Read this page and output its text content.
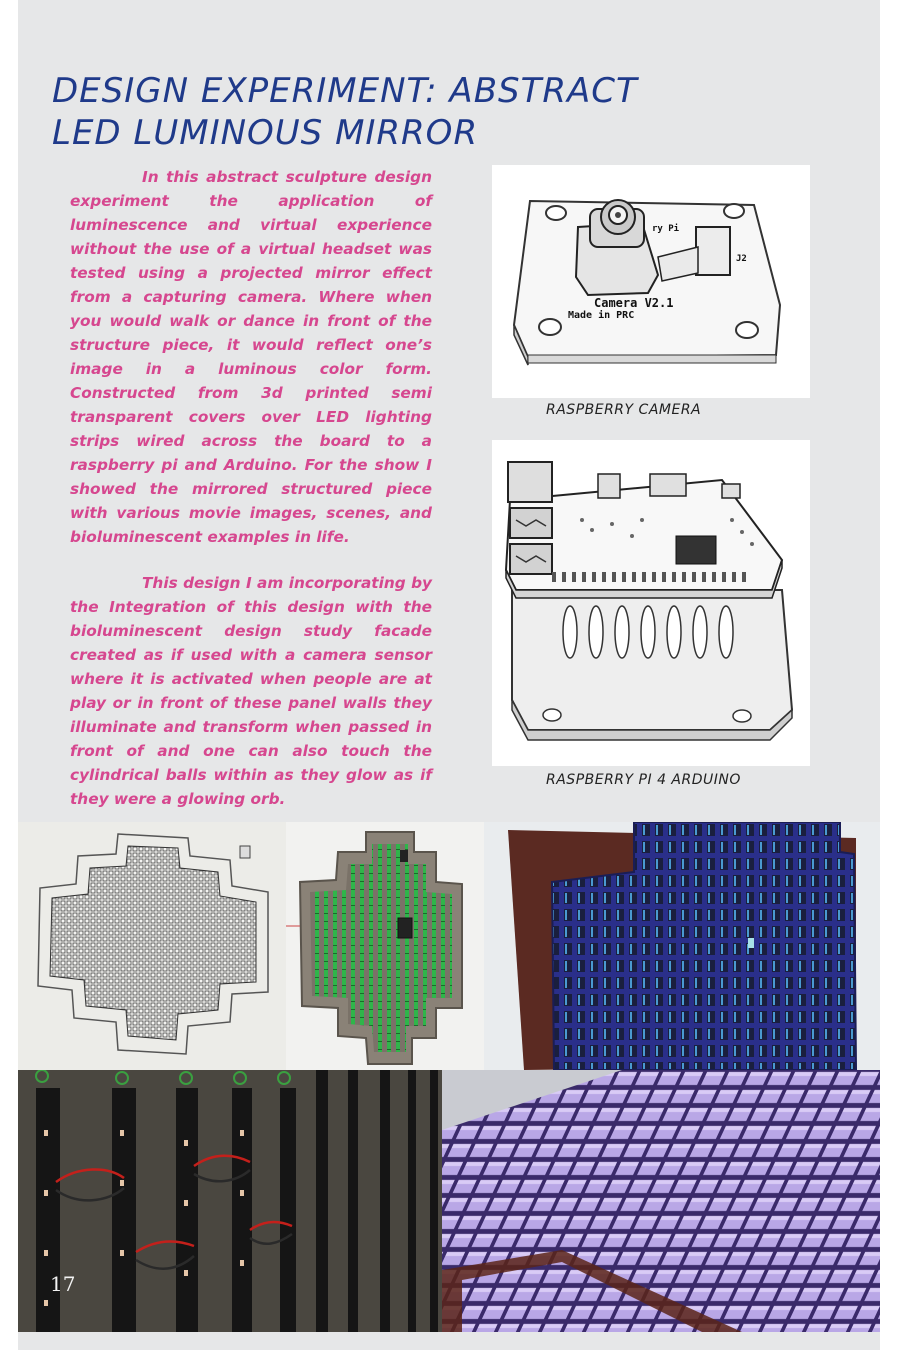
DESIGN EXPERIMENT: ABSTRACT
LED LUMINOUS MIRROR

In this abstract sculpture design experiment the application of luminescence and virtual experience without the use of a virtual headset was tested using a projected mirror effect from a capturing camera. Where when you would walk or dance in front of the structure piece, it would reflect one’s image in a luminous color form. Constructed from 3d printed semi transparent covers over LED lighting strips wired across the board to a raspberry pi and Arduino. For the show I showed the mirrored structured piece with various movie images, scenes, and bioluminescent examples in life.

This design I am incorporating by the Integration of this design with the bioluminescent design study facade created as if used with a camera sensor where it is activated when people are at play or in front of these panel walls they illuminate and transform when passed in front of and one can also touch the cylindrical balls within as they glow as if they were a glowing orb.

Camera V2.1
Made in PRC
J2
ry Pi
RASPBERRY CAMERA
RASPBERRY PI 4 ARDUINO
17
